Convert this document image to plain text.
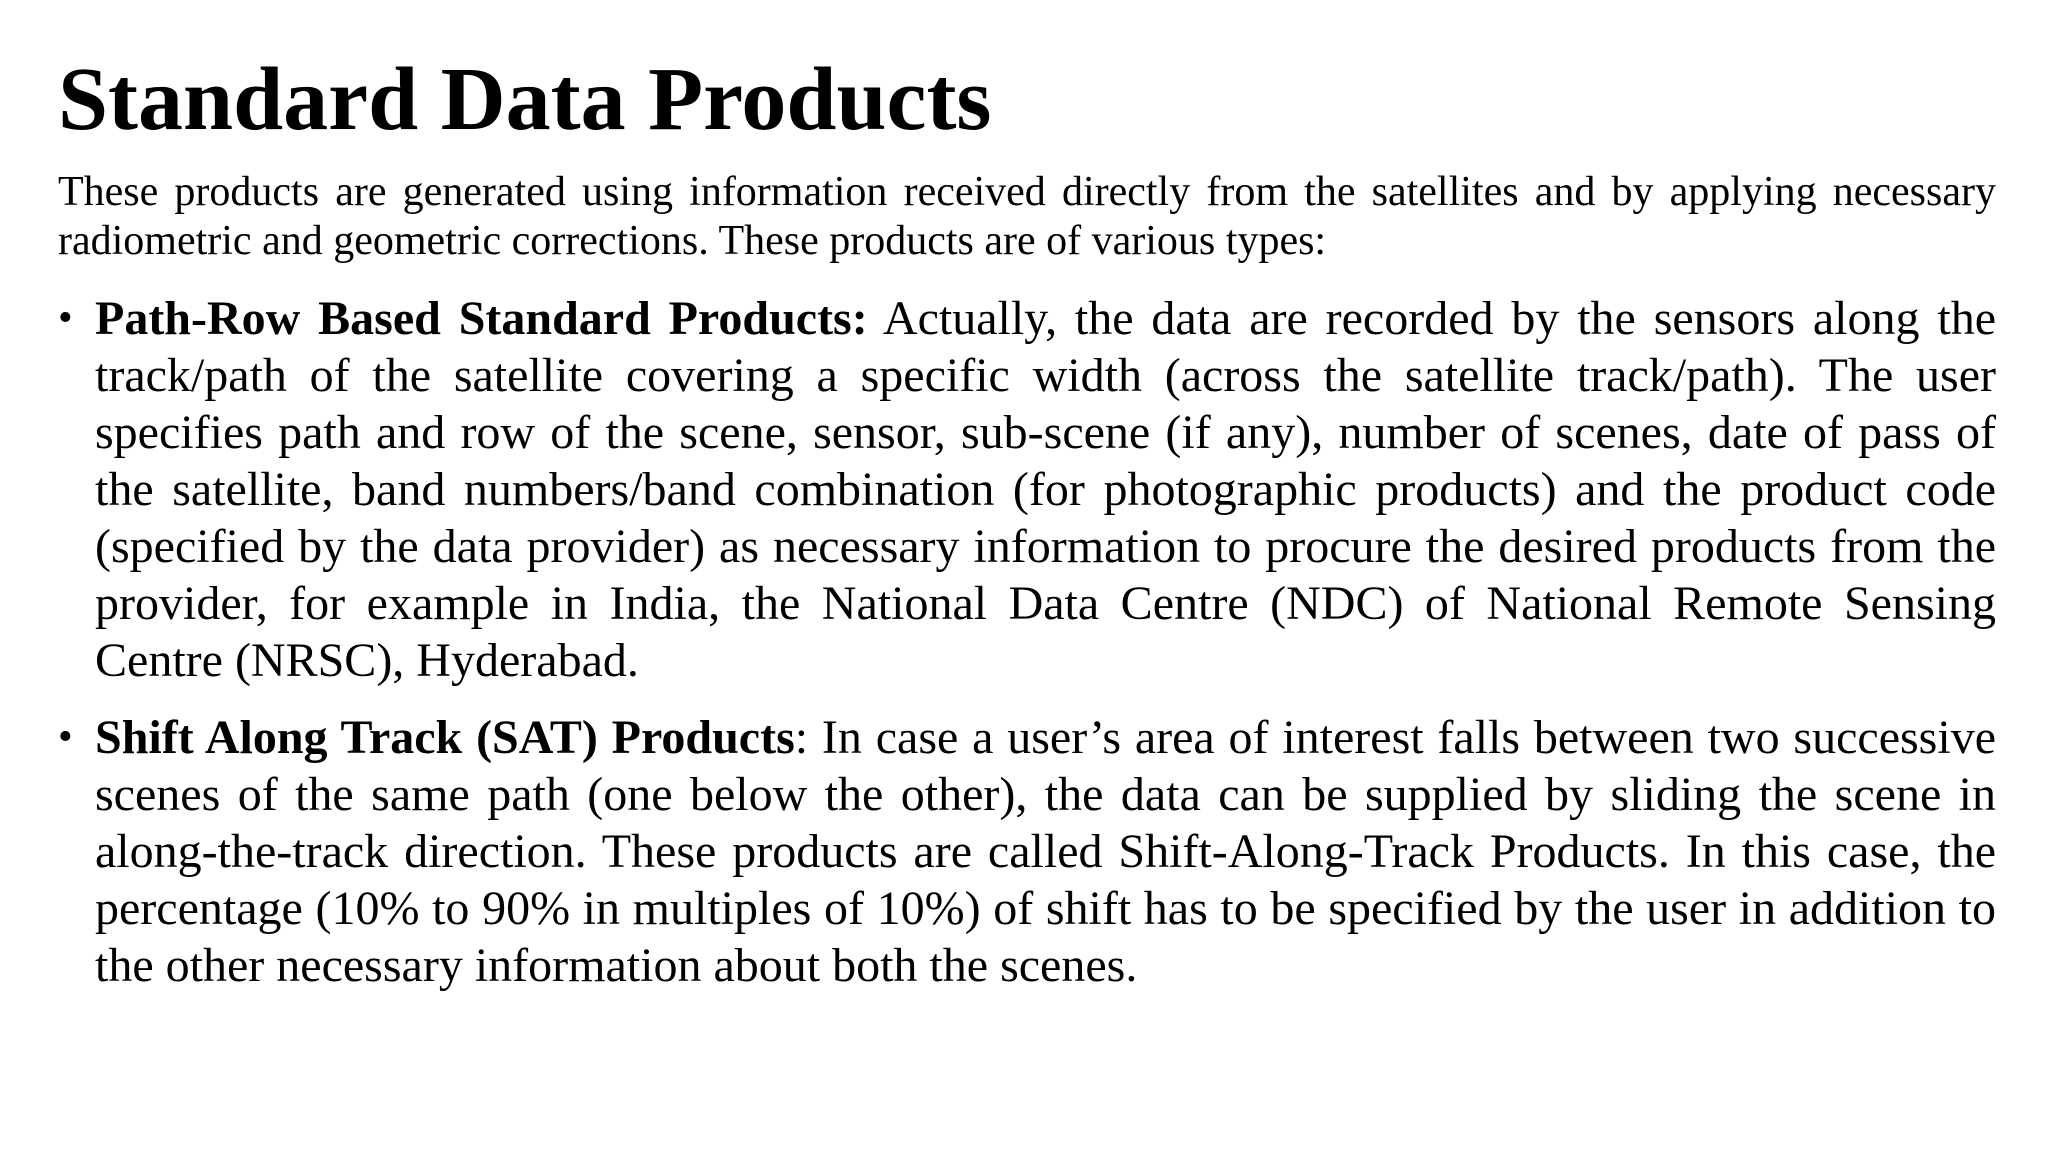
Standard Data Products

These products are generated using information received directly from the satellites and by applying necessary radiometric and geometric corrections. These products are of various types:

• Path-Row Based Standard Products: Actually, the data are recorded by the sensors along the track/path of the satellite covering a specific width (across the satellite track/path). The user specifies path and row of the scene, sensor, sub-scene (if any), number of scenes, date of pass of the satellite, band numbers/band combination (for photographic products) and the product code (specified by the data provider) as necessary information to procure the desired products from the provider, for example in India, the National Data Centre (NDC) of National Remote Sensing Centre (NRSC), Hyderabad.
• Shift Along Track (SAT) Products: In case a user’s area of interest falls between two successive scenes of the same path (one below the other), the data can be supplied by sliding the scene in along-the-track direction. These products are called Shift-Along-Track Products. In this case, the percentage (10% to 90% in multiples of 10%) of shift has to be specified by the user in addition to the other necessary information about both the scenes.
